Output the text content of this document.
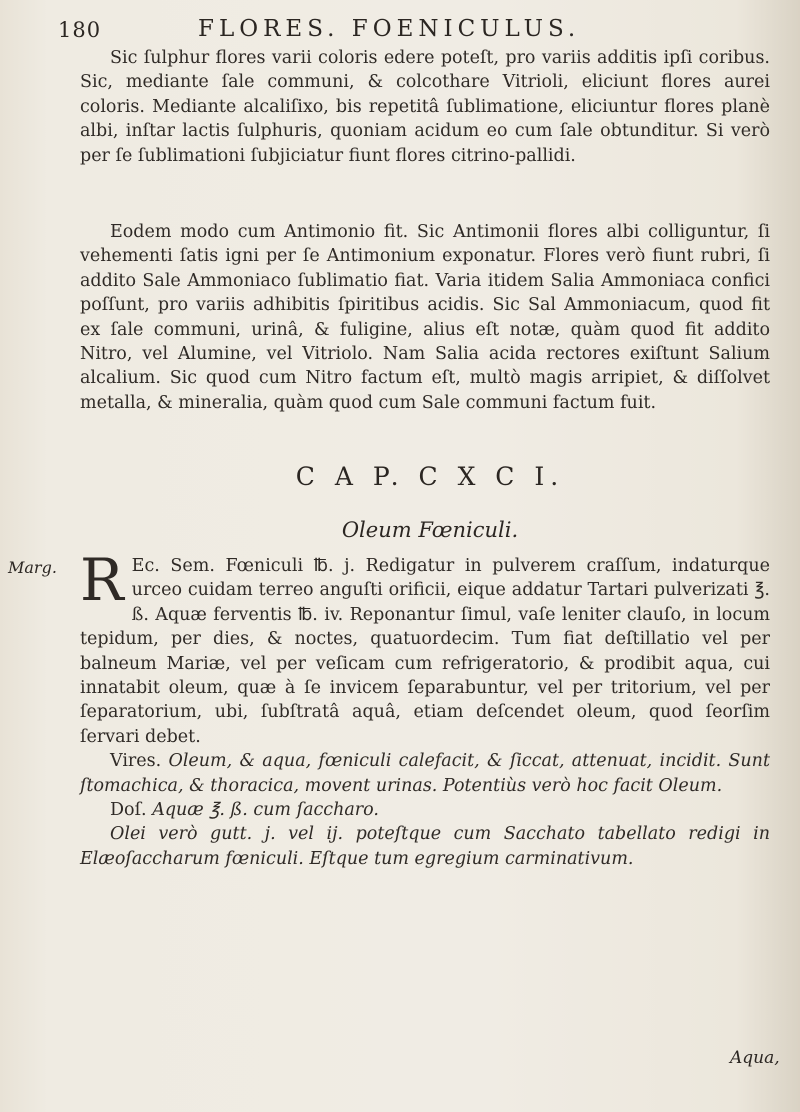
180	FLORES. FOENICULUS.
Sic ſulphur flores varii coloris edere poteſt, pro variis additis ipſi coribus. Sic, mediante ſale communi, & colcothare Vitrioli, eliciunt flores aurei coloris. Mediante alcaliſixo, bis repetitâ ſublimatione, eliciuntur flores planè albi, inſtar lactis ſulphuris, quoniam acidum eo cum ſale obtunditur. Si verò per ſe ſublimationi ſubjiciatur fiunt flores citrino-pallidi.
Eodem modo cum Antimonio fit. Sic Antimonii flores albi colliguntur, ſi vehementi ſatis igni per ſe Antimonium exponatur. Flores verò fiunt rubri, ſi addito Sale Ammoniaco ſublimatio fiat. Varia itidem Salia Ammoniaca confici poſſunt, pro variis adhibitis ſpiritibus acidis. Sic Sal Ammoniacum, quod fit ex ſale communi, urinâ, & fuligine, alius eſt notæ, quàm quod fit addito Nitro, vel Alumine, vel Vitriolo. Nam Salia acida rectores exiſtunt Salium alcalium. Sic quod cum Nitro factum eſt, multò magis arripiet, & diſſolvet metalla, & mineralia, quàm quod cum Sale communi factum fuit.
C A P. C X C I.
Oleum Fœniculi.
Marg. R Ec. Sem. Fœniculi ℔. j. Redigatur in pulverem craſſum, indaturque urceo cuidam terreo anguſti orificii, eique addatur Tartari pulverizati ℥. ß. Aquæ ferventis ℔. iv. Reponantur ſimul, vaſe leniter clauſo, in locum tepidum, per dies, & noctes, quatuordecim. Tum fiat deſtillatio vel per balneum Mariæ, vel per veſicam cum refrigeratorio, & prodibit aqua, cui innatabit oleum, quæ à ſe invicem ſeparabuntur, vel per tritorium, vel per ſeparatorium, ubi, ſubſtratâ aquâ, etiam deſcendet oleum, quod ſeorſim ſervari debet.
Vires. Oleum, & aqua, fœniculi calefacit, & ſiccat, attenuat, incidit. Sunt ſtomachica, & thoracica, movent urinas. Potentiùs verò hoc facit Oleum.
Doſ. Aquæ ℥. ß. cum ſaccharo.
Olei verò gutt. j. vel ij. poteſtque cum Sacchato tabellato redigi in Elæoſaccharum fœniculi. Eſtque tum egregium carminativum.
Aqua,
